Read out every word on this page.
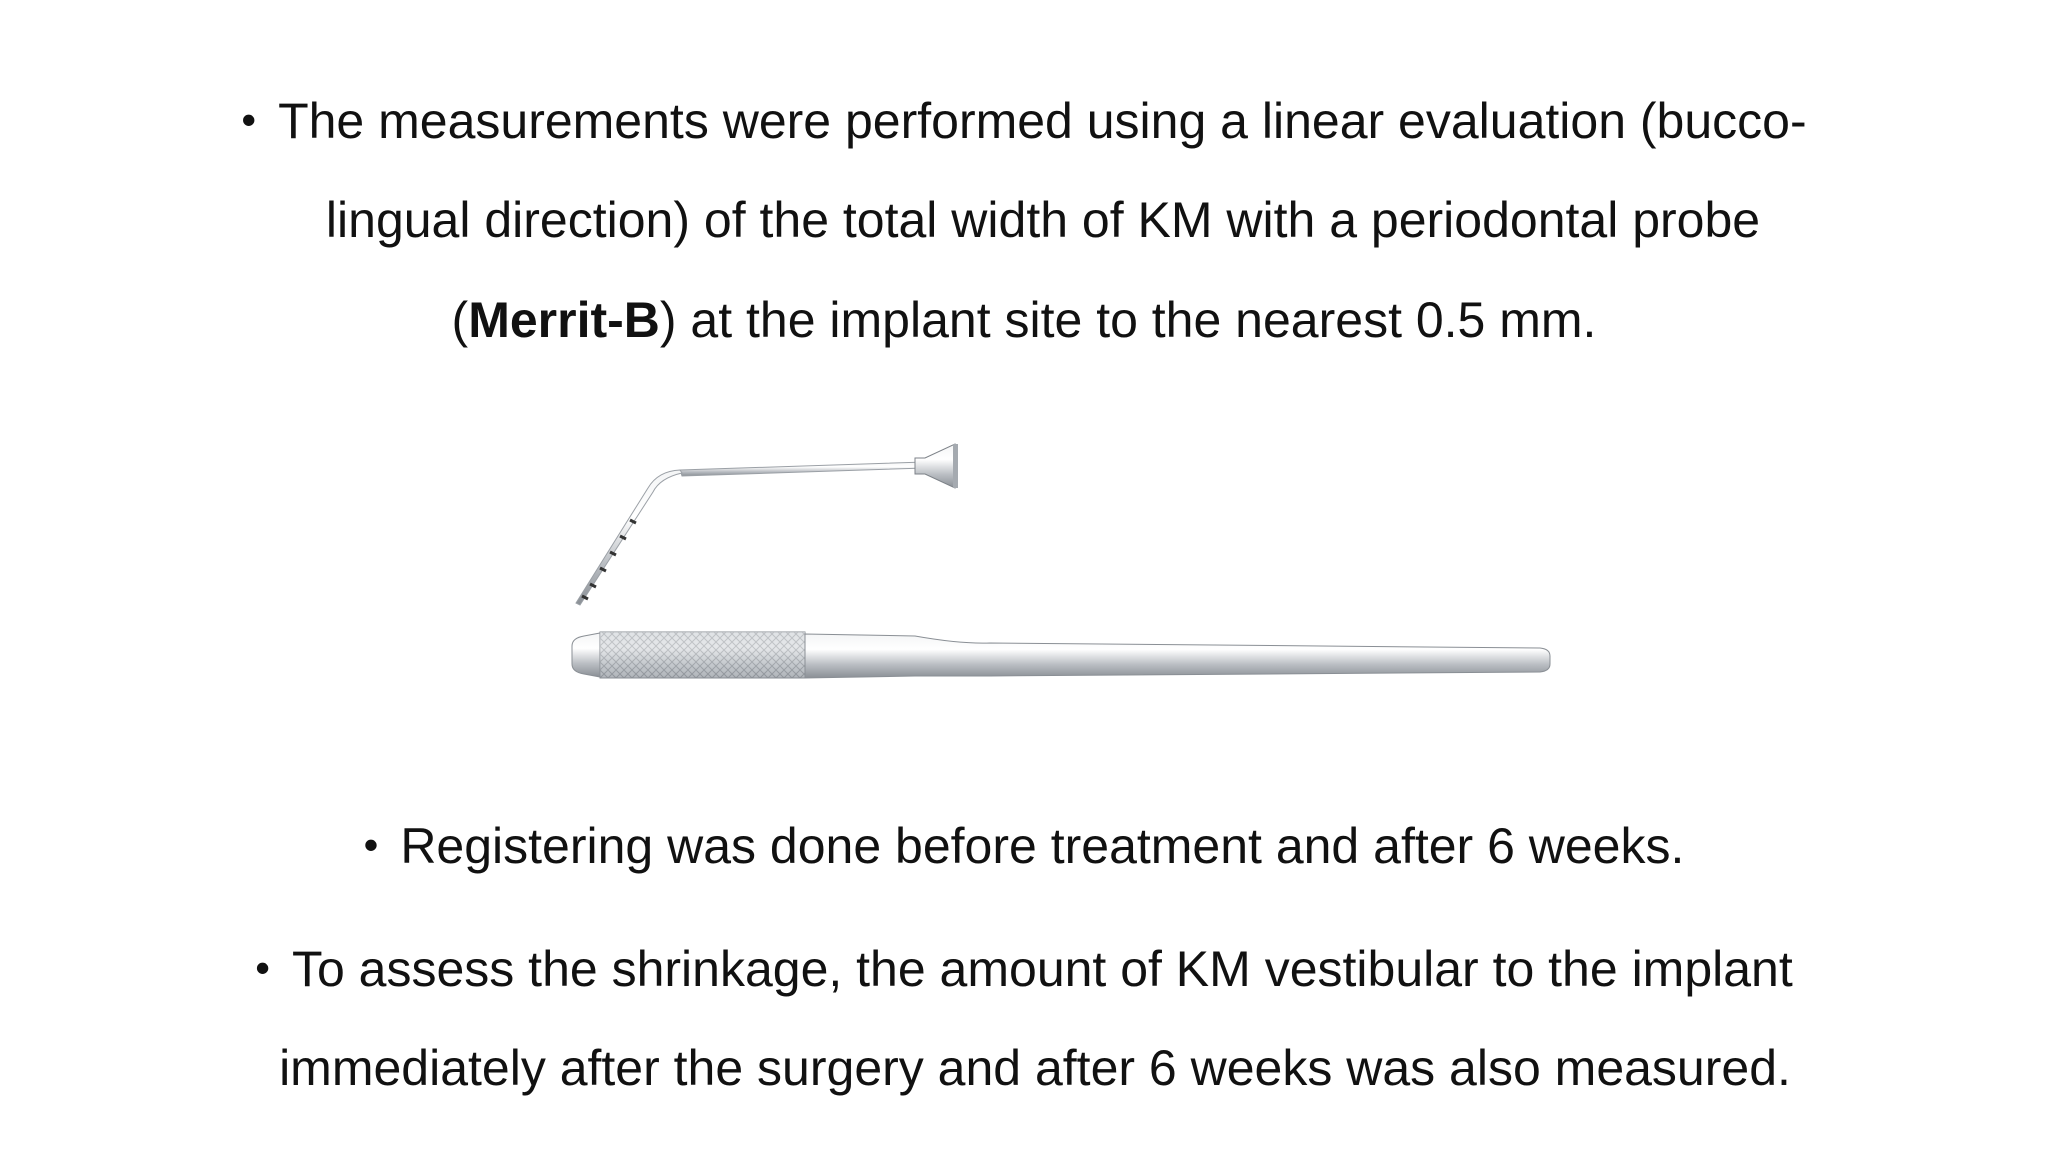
• The measurements were performed using a linear evaluation (bucco-
lingual direction) of the total width of KM with a periodontal probe
(Merrit-B) at the implant site to the nearest 0.5 mm.
• Registering was done before treatment and after 6 weeks.
• To assess the shrinkage, the amount of KM vestibular to the implant
immediately after the surgery and after 6 weeks was also measured.
